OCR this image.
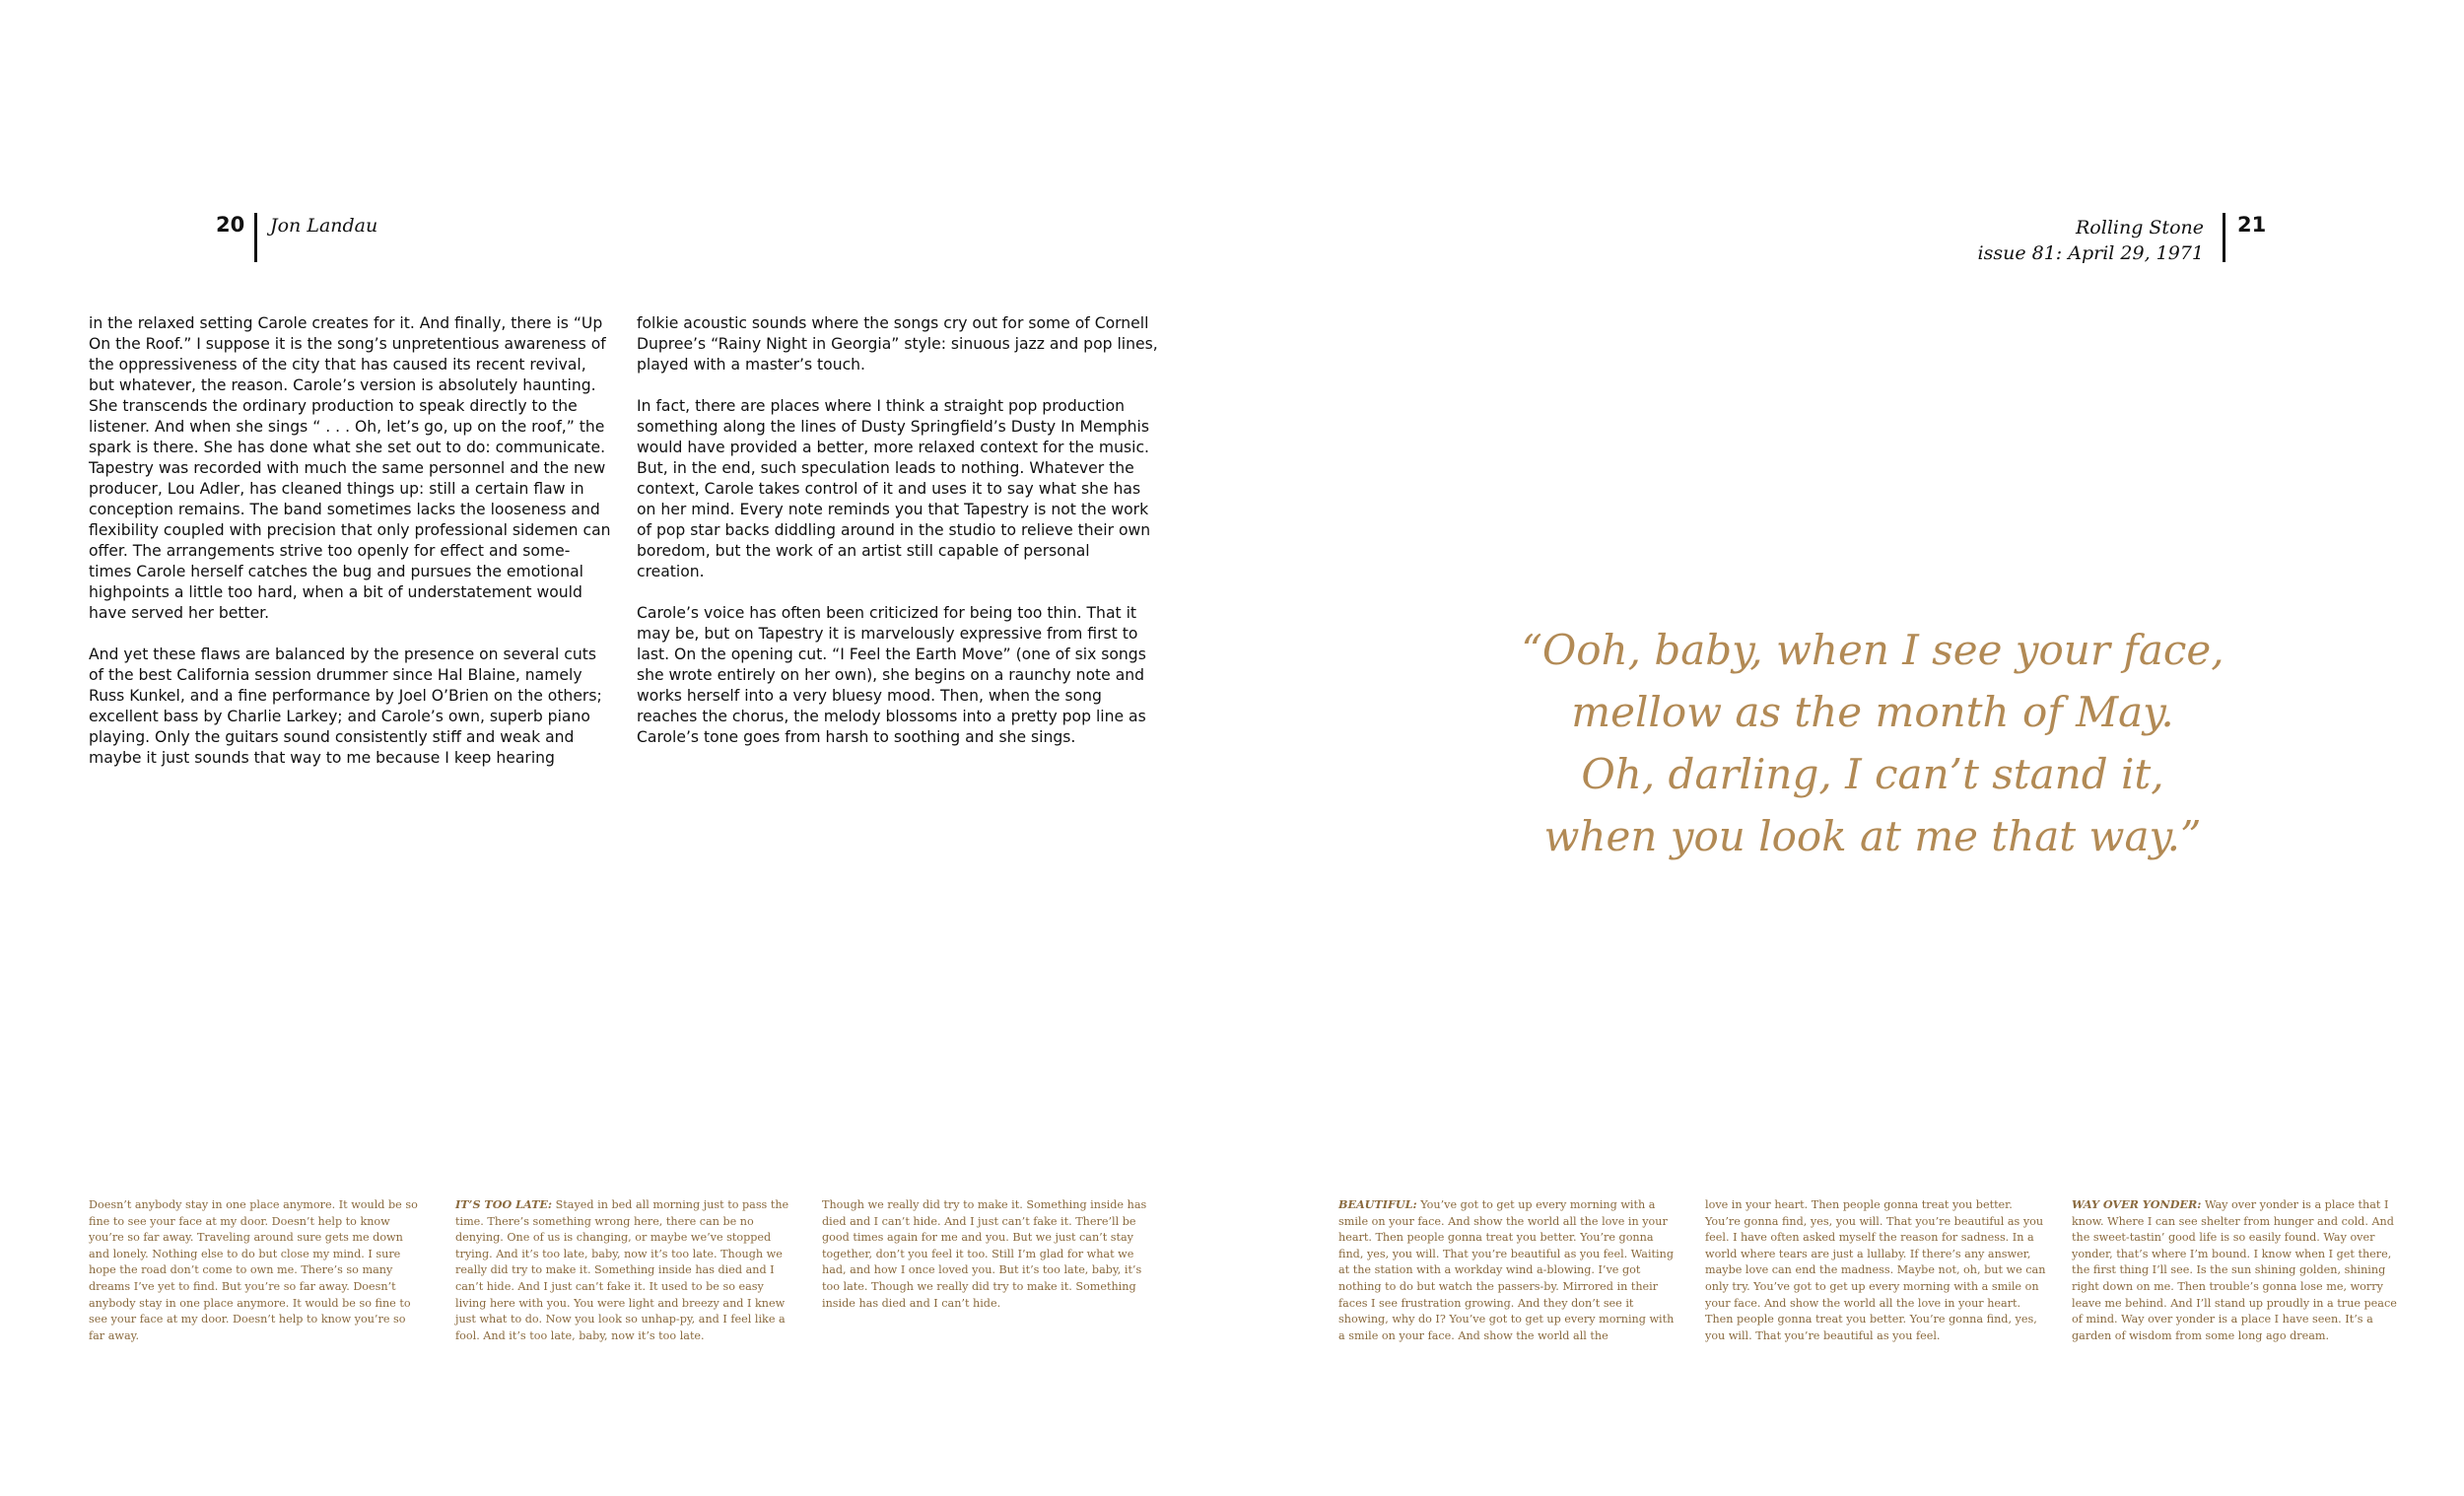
20 Jon Landau	Rolling Stone
issue 81: April 29, 1971
21

in the relaxed setting Carole creates for it. And finally, there is “Up On the Roof.” I suppose it is the song’s unpretentious awareness of the oppressiveness of the city that has caused its recent revival, but whatever, the reason. Carole’s version is absolutely haunting. She transcends the ordinary production to speak directly to the listener. And when she sings “ . . . Oh, let’s go, up on the roof,” the spark is there. She has done what she set out to do: communicate. Tapestry was recorded with much the same personnel and the new producer, Lou Adler, has cleaned things up: still a certain flaw in conception remains. The band sometimes lacks the looseness and flexibility coupled with precision that only professional sidemen can offer. The arrangements strive too openly for effect and some-times Carole herself catches the bug and pursues the emotional highpoints a little too hard, when a bit of understatement would have served her better.

And yet these flaws are balanced by the presence on several cuts of the best California session drummer since Hal Blaine, namely Russ Kunkel, and a fine performance by Joel O’Brien on the others; excellent bass by Charlie Larkey; and Carole’s own, superb piano playing. Only the guitars sound consistently stiff and weak and maybe it just sounds that way to me because I keep hearing

folkie acoustic sounds where the songs cry out for some of Cornell Dupree’s “Rainy Night in Georgia” style: sinuous jazz and pop lines, played with a master’s touch.

In fact, there are places where I think a straight pop production something along the lines of Dusty Springfield’s Dusty In Memphis would have provided a better, more relaxed context for the music. But, in the end, such speculation leads to nothing. Whatever the context, Carole takes control of it and uses it to say what she has on her mind. Every note reminds you that Tapestry is not the work of pop star backs diddling around in the studio to relieve their own boredom, but the work of an artist still capable of personal creation.

Carole’s voice has often been criticized for being too thin. That it may be, but on Tapestry it is marvelously expressive from first to last. On the opening cut. “I Feel the Earth Move” (one of six songs she wrote entirely on her own), she begins on a raunchy note and works herself into a very bluesy mood. Then, when the song reaches the chorus, the melody blossoms into a pretty pop line as Carole’s tone goes from harsh to soothing and she sings.

“Ooh, baby, when I see your face,
mellow as the month of May.
Oh, darling, I can’t stand it,
when you look at me that way.”
Doesn’t anybody stay in one place anymore. It would be so fine to see your face at my door. Doesn’t help to know you’re so far away. Traveling around sure gets me down and lonely. Nothing else to do but close my mind. I sure hope the road don’t come to own me. There’s so many dreams I’ve yet to find. But you’re so far away. Doesn’t anybody stay in one place anymore. It would be so fine to see your face at my door. Doesn’t help to know you’re so far away.
IT’S TOO LATE: Stayed in bed all morning just to pass the time. There’s something wrong here, there can be no denying. One of us is changing, or maybe we’ve stopped trying. And it’s too late, baby, now it’s too late. Though we really did try to make it. Something inside has died and I can’t hide. And I just can’t fake it. It used to be so easy living here with you. You were light and breezy and I knew just what to do. Now you look so unhap-py, and I feel like a fool. And it’s too late, baby, now it’s too late.
Though we really did try to make it. Something inside has died and I can’t hide. And I just can’t fake it. There’ll be good times again for me and you. But we just can’t stay together, don’t you feel it too. Still I’m glad for what we had, and how I once loved you. But it’s too late, baby, it’s too late. Though we really did try to make it. Something inside has died and I can’t hide.
BEAUTIFUL: You’ve got to get up every morning with a smile on your face. And show the world all the love in your heart. Then people gonna treat you better. You’re gonna find, yes, you will. That you’re beautiful as you feel. Waiting at the station with a workday wind a-blowing. I’ve got nothing to do but watch the passers-by. Mirrored in their faces I see frustration growing. And they don’t see it showing, why do I? You’ve got to get up every morning with a smile on your face. And show the world all the
love in your heart. Then people gonna treat you better. You’re gonna find, yes, you will. That you’re beautiful as you feel. I have often asked myself the reason for sadness. In a world where tears are just a lullaby. If there’s any answer, maybe love can end the madness. Maybe not, oh, but we can only try. You’ve got to get up every morning with a smile on your face. And show the world all the love in your heart. Then people gonna treat you better. You’re gonna find, yes, you will. That you’re beautiful as you feel.
WAY OVER YONDER: Way over yonder is a place that I know. Where I can see shelter from hunger and cold. And the sweet-tastin’ good life is so easily found. Way over yonder, that’s where I’m bound. I know when I get there, the first thing I’ll see. Is the sun shining golden, shining right down on me. Then trouble’s gonna lose me, worry leave me behind. And I’ll stand up proudly in a true peace of mind. Way over yonder is a place I have seen. It’s a garden of wisdom from some long ago dream.
